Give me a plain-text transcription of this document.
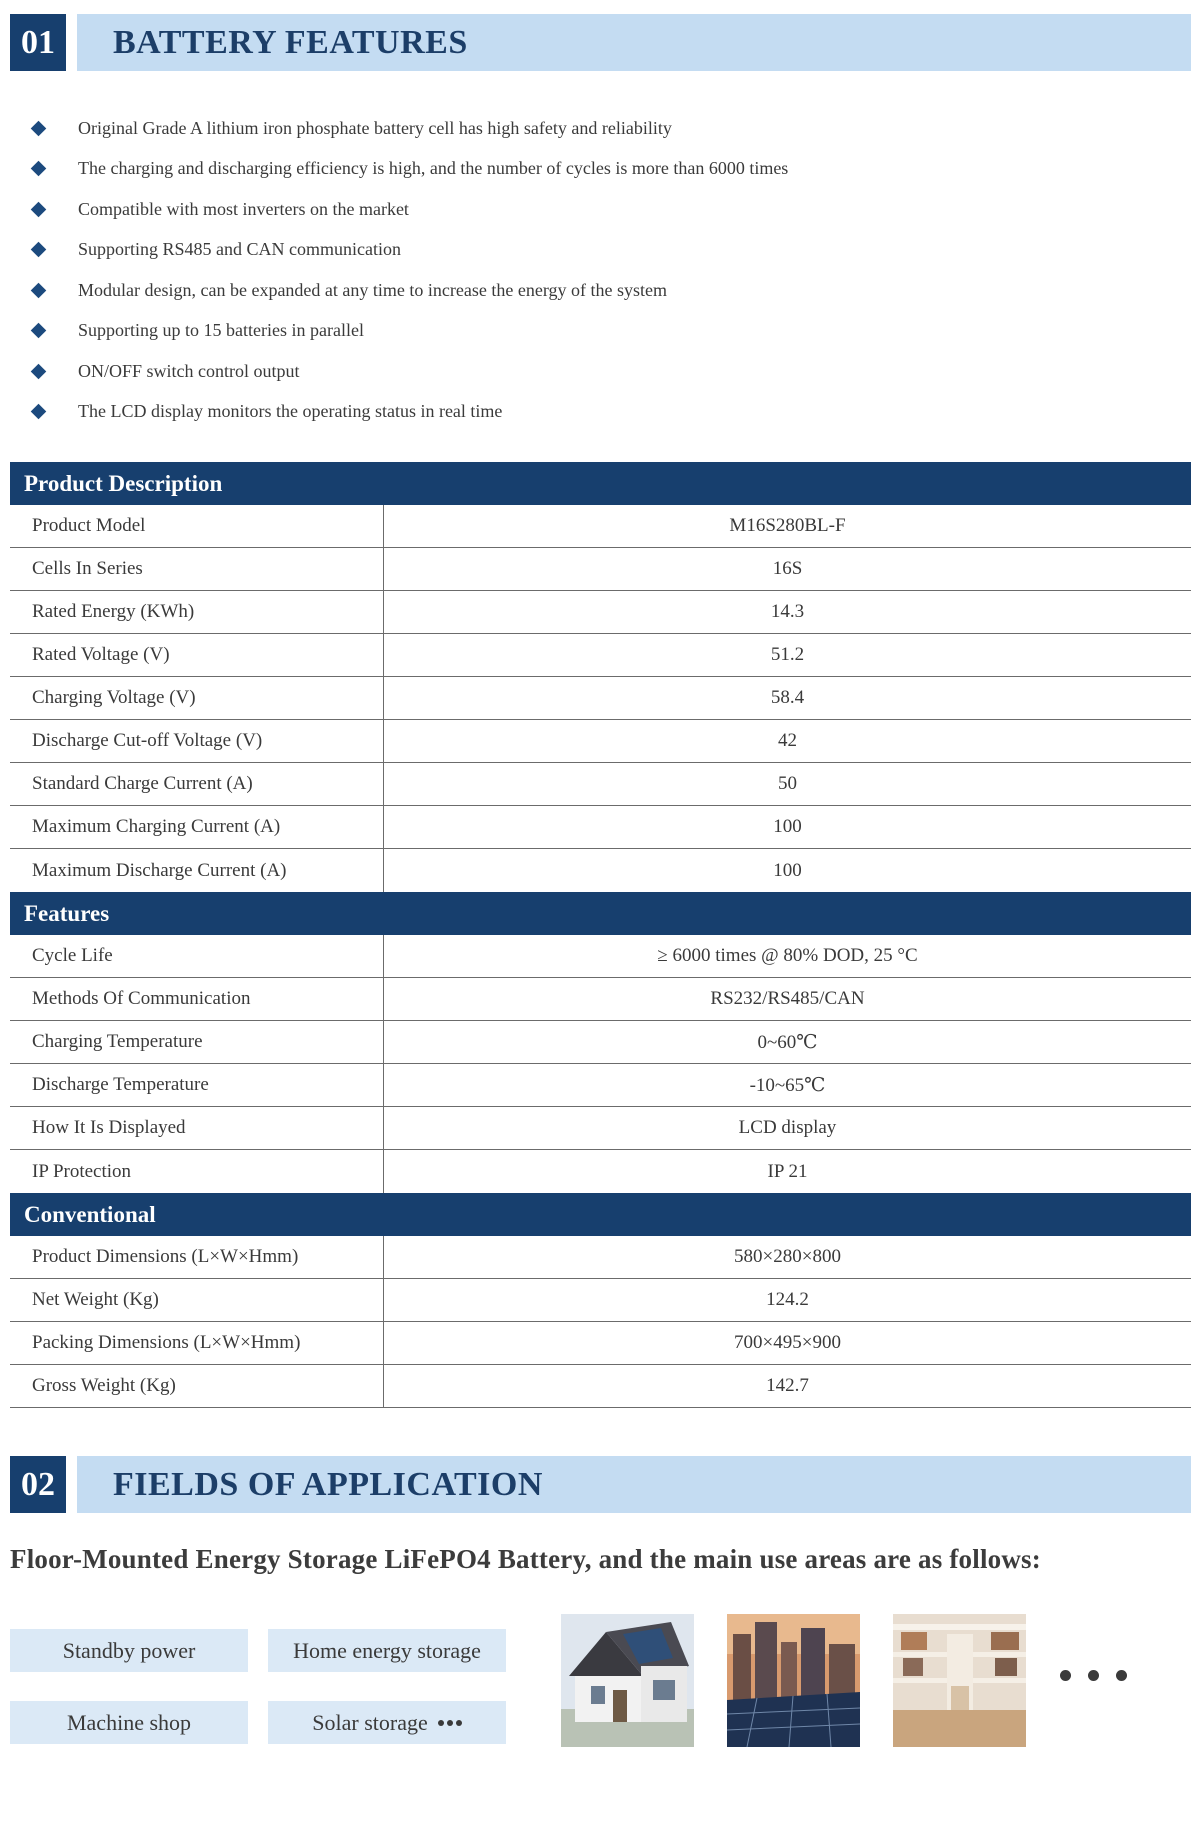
01	BATTERY FEATURES
Original Grade A lithium iron phosphate battery cell has high safety and reliability
The charging and discharging efficiency is high, and the number of cycles is more than 6000 times
Compatible with most inverters on the market
Supporting RS485 and CAN communication
Modular design, can be expanded at any time to increase the energy of the system
Supporting up to 15 batteries in parallel
ON/OFF switch control output
The LCD display monitors the operating status in real time
Product Description
Product Model	M16S280BL-F
Cells In Series	16S
Rated Energy (KWh)	14.3
Rated Voltage (V)	51.2
Charging Voltage (V)	58.4
Discharge Cut-off Voltage (V)	42
Standard Charge Current (A)	50
Maximum Charging Current (A)	100
Maximum Discharge Current (A)	100
Features
Cycle Life	≥ 6000 times @ 80% DOD, 25 °C
Methods Of Communication	RS232/RS485/CAN
Charging Temperature	0~60℃
Discharge Temperature	-10~65℃
How It Is Displayed	LCD display
IP Protection	IP 21
Conventional
Product Dimensions (L×W×Hmm)	580×280×800
Net Weight (Kg)	124.2
Packing Dimensions (L×W×Hmm)	700×495×900
Gross Weight (Kg)	142.7
02	FIELDS OF APPLICATION
Floor-Mounted Energy Storage LiFePO4 Battery, and the main use areas are as follows:
Standby power	Home energy storage
Machine shop	Solar storage
